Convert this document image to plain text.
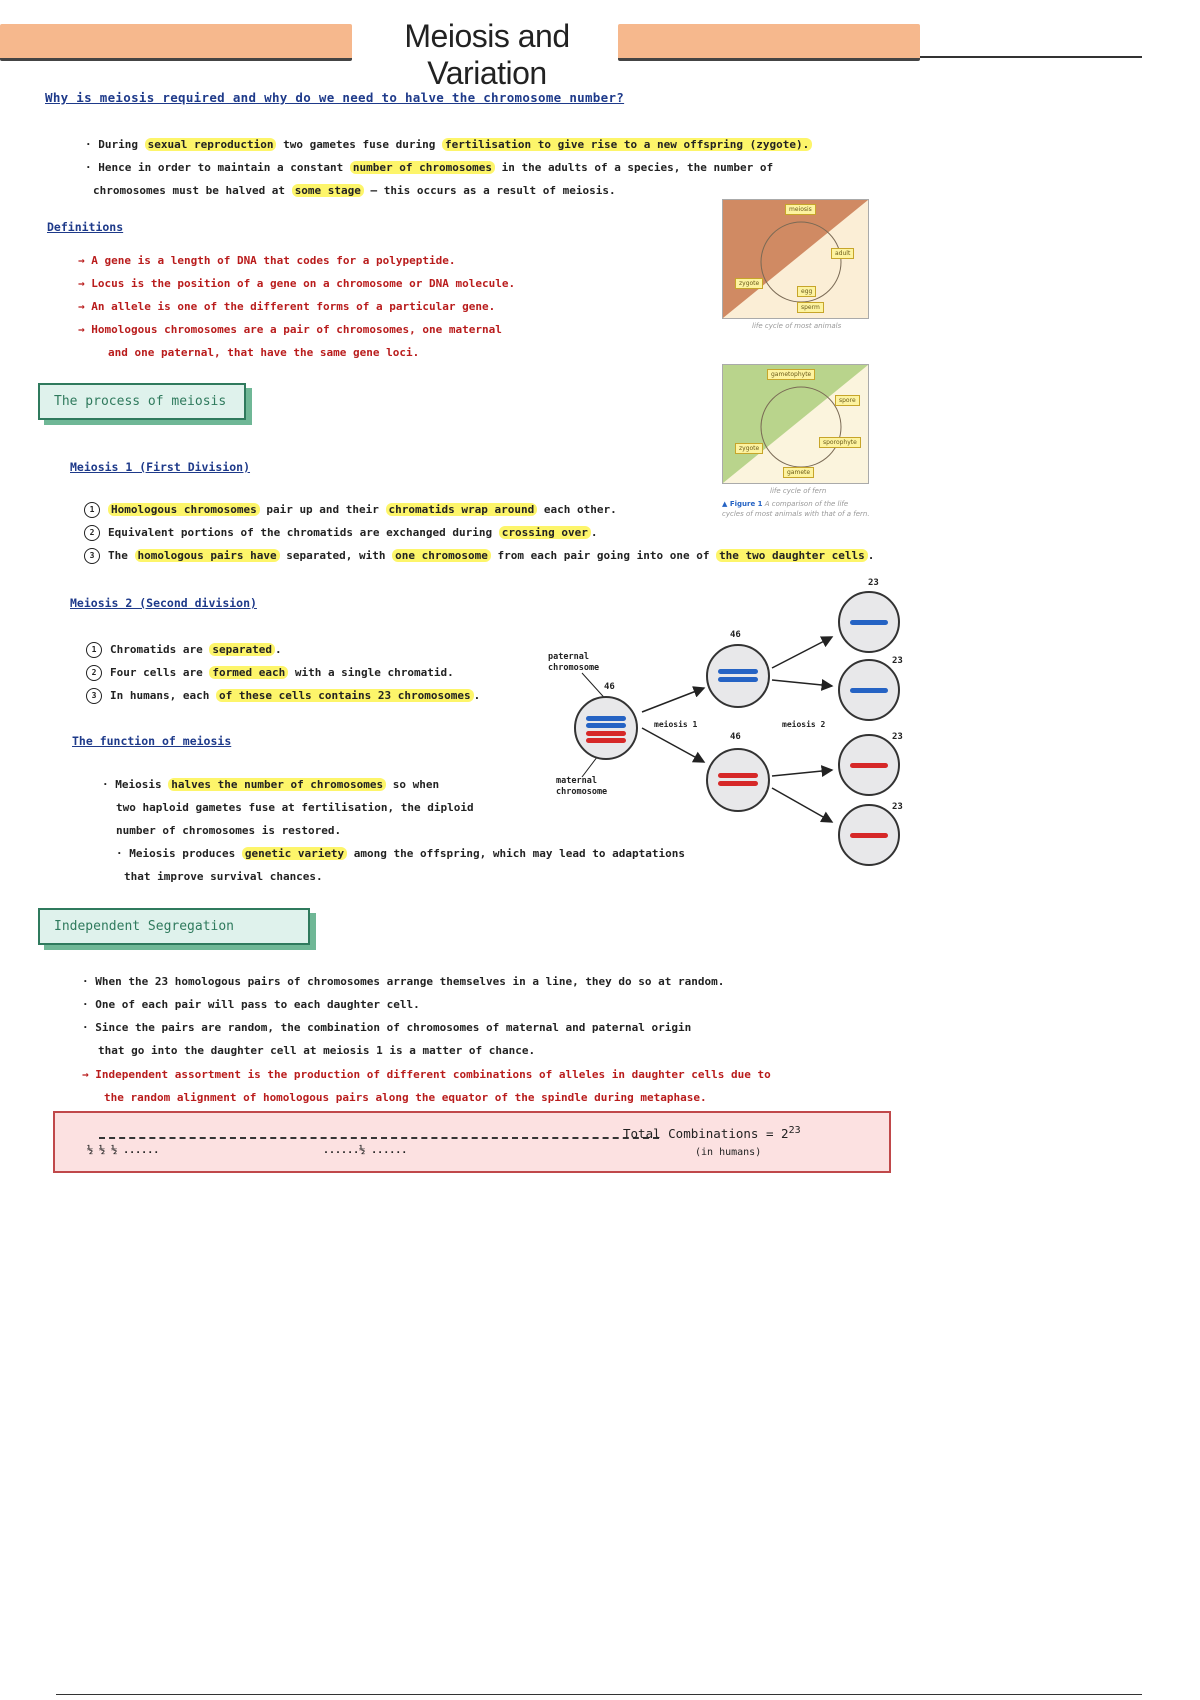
Meiosis and Variation
Why is meiosis required and why do we need to halve the chromosome number?
· During sexual reproduction two gametes fuse during fertilisation to give rise to a new offspring (zygote).
· Hence in order to maintain a constant number of chromosomes in the adults of a species, the number of
chromosomes must be halved at some stage — this occurs as a result of meiosis.
Definitions
→ A gene is a length of DNA that codes for a polypeptide.
→ Locus is the position of a gene on a chromosome or DNA molecule.
→ An allele is one of the different forms of a particular gene.
→ Homologous chromosomes are a pair of chromosomes, one maternal
and one paternal, that have the same gene loci.
meiosis
zygote
egg
sperm
adult
life cycle of most animals
gametophyte
sporophyte
spore
zygote
gamete
life cycle of fern
▲ Figure 1 A comparison of the life cycles of most animals with that of a fern.
The process of meiosis
Meiosis 1 (First Division)
1 Homologous chromosomes pair up and their chromatids wrap around each other.
2 Equivalent portions of the chromatids are exchanged during crossing over .
3 The homologous pairs have separated, with one chromosome from each pair going into one of the two daughter cells .
Meiosis 2 (Second division)
1 Chromatids are separated .
2 Four cells are formed each with a single chromatid.
3 In humans, each of these cells contains 23 chromosomes .
The function of meiosis
· Meiosis halves the number of chromosomes so when
two haploid gametes fuse at fertilisation, the diploid
number of chromosomes is restored.
· Meiosis produces genetic variety among the offspring, which may lead to adaptations
that improve survival chances.
46
46
46
23
23
23
23
paternal chromosome
maternal chromosome
meiosis 1	meiosis 2
Independent Segregation
· When the 23 homologous pairs of chromosomes arrange themselves in a line, they do so at random.
· One of each pair will pass to each daughter cell.
· Since the pairs are random, the combination of chromosomes of maternal and paternal origin
that go into the daughter cell at meiosis 1 is a matter of chance.
→ Independent assortment is the production of different combinations of alleles in daughter cells due to
the random alignment of homologous pairs along the equator of the spindle during metaphase.
½ ½ ½ ......	......½ ......
Total Combinations = $2^{23}$
(in humans)
